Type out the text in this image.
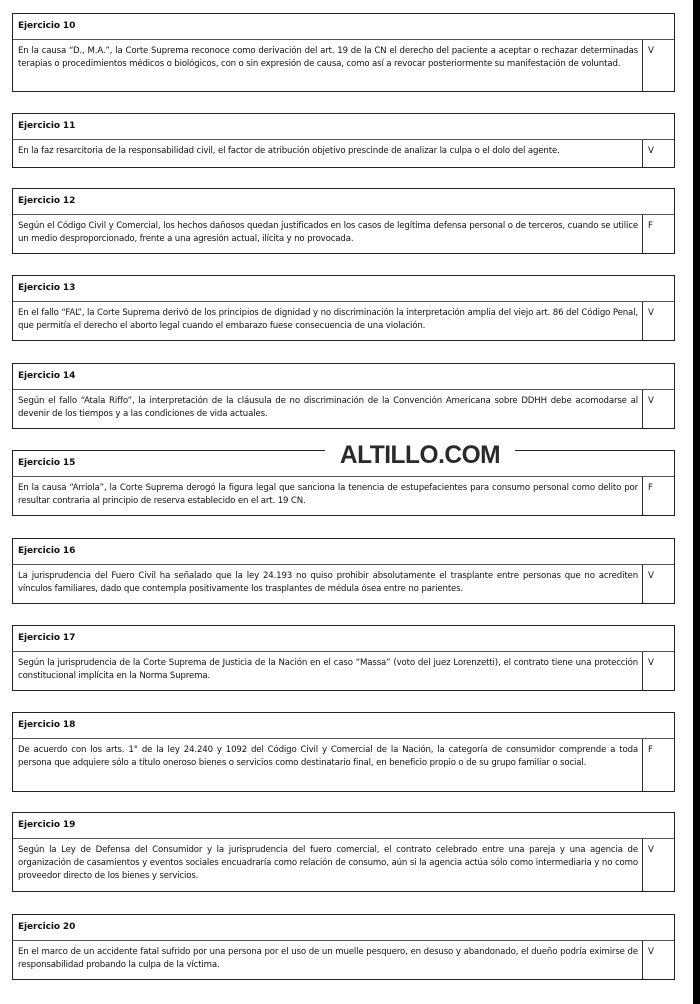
Ejercicio 10
En la causa “D., M.A.”, la Corte Suprema reconoce como derivación del art. 19 de la CN el derecho del paciente a aceptar o rechazar determinadas terapias o procedimientos médicos o biológicos, con o sin expresión de causa, como así a revocar posteriormente su manifestación de voluntad.
V
Ejercicio 11
En la faz resarcitoria de la responsabilidad civil, el factor de atribución objetivo prescinde de analizar la culpa o el dolo del agente.	V
Ejercicio 12
Según el Código Civil y Comercial, los hechos dañosos quedan justificados en los casos de legítima defensa personal o de terceros, cuando se utilice un medio desproporcionado, frente a una agresión actual, ilícita y no provocada.
F
Ejercicio 13
En el fallo “FAL”, la Corte Suprema derivó de los principios de dignidad y no discriminación la interpretación amplia del viejo art. 86 del Código Penal, que permitía el derecho el aborto legal cuando el embarazo fuese consecuencia de una violación.
V
Ejercicio 14
Según el fallo “Atala Riffo”, la interpretación de la cláusula de no discriminación de la Convención Americana sobre DDHH debe acomodarse al devenir de los tiempos y a las condiciones de vida actuales.
V
Ejercicio 15
En la causa “Arriola”, la Corte Suprema derogó la figura legal que sanciona la tenencia de estupefacientes para consumo personal como delito por resultar contraria al principio de reserva establecido en el art. 19 CN.
F
Ejercicio 16
La jurisprudencia del Fuero Civil ha señalado que la ley 24.193 no quiso prohibir absolutamente el trasplante entre personas que no acrediten vínculos familiares, dado que contempla positivamente los trasplantes de médula ósea entre no parientes.
V
Ejercicio 17
Según la jurisprudencia de la Corte Suprema de Justicia de la Nación en el caso “Massa” (voto del juez Lorenzetti), el contrato tiene una protección constitucional implícita en la Norma Suprema.
V
Ejercicio 18
De acuerdo con los arts. 1° de la ley 24.240 y 1092 del Código Civil y Comercial de la Nación, la categoría de consumidor comprende a toda persona que adquiere sólo a título oneroso bienes o servicios como destinatario final, en beneficio propio o de su grupo familiar o social.
F
Ejercicio 19
Según la Ley de Defensa del Consumidor y la jurisprudencia del fuero comercial, el contrato celebrado entre una pareja y una agencia de organización de casamientos y eventos sociales encuadraría como relación de consumo, aún si la agencia actúa sólo como intermediaria y no como proveedor directo de los bienes y servicios.
V
Ejercicio 20
En el marco de un accidente fatal sufrido por una persona por el uso de un muelle pesquero, en desuso y abandonado, el dueño podría eximirse de responsabilidad probando la culpa de la víctima.
V
ALTILLO.COM
